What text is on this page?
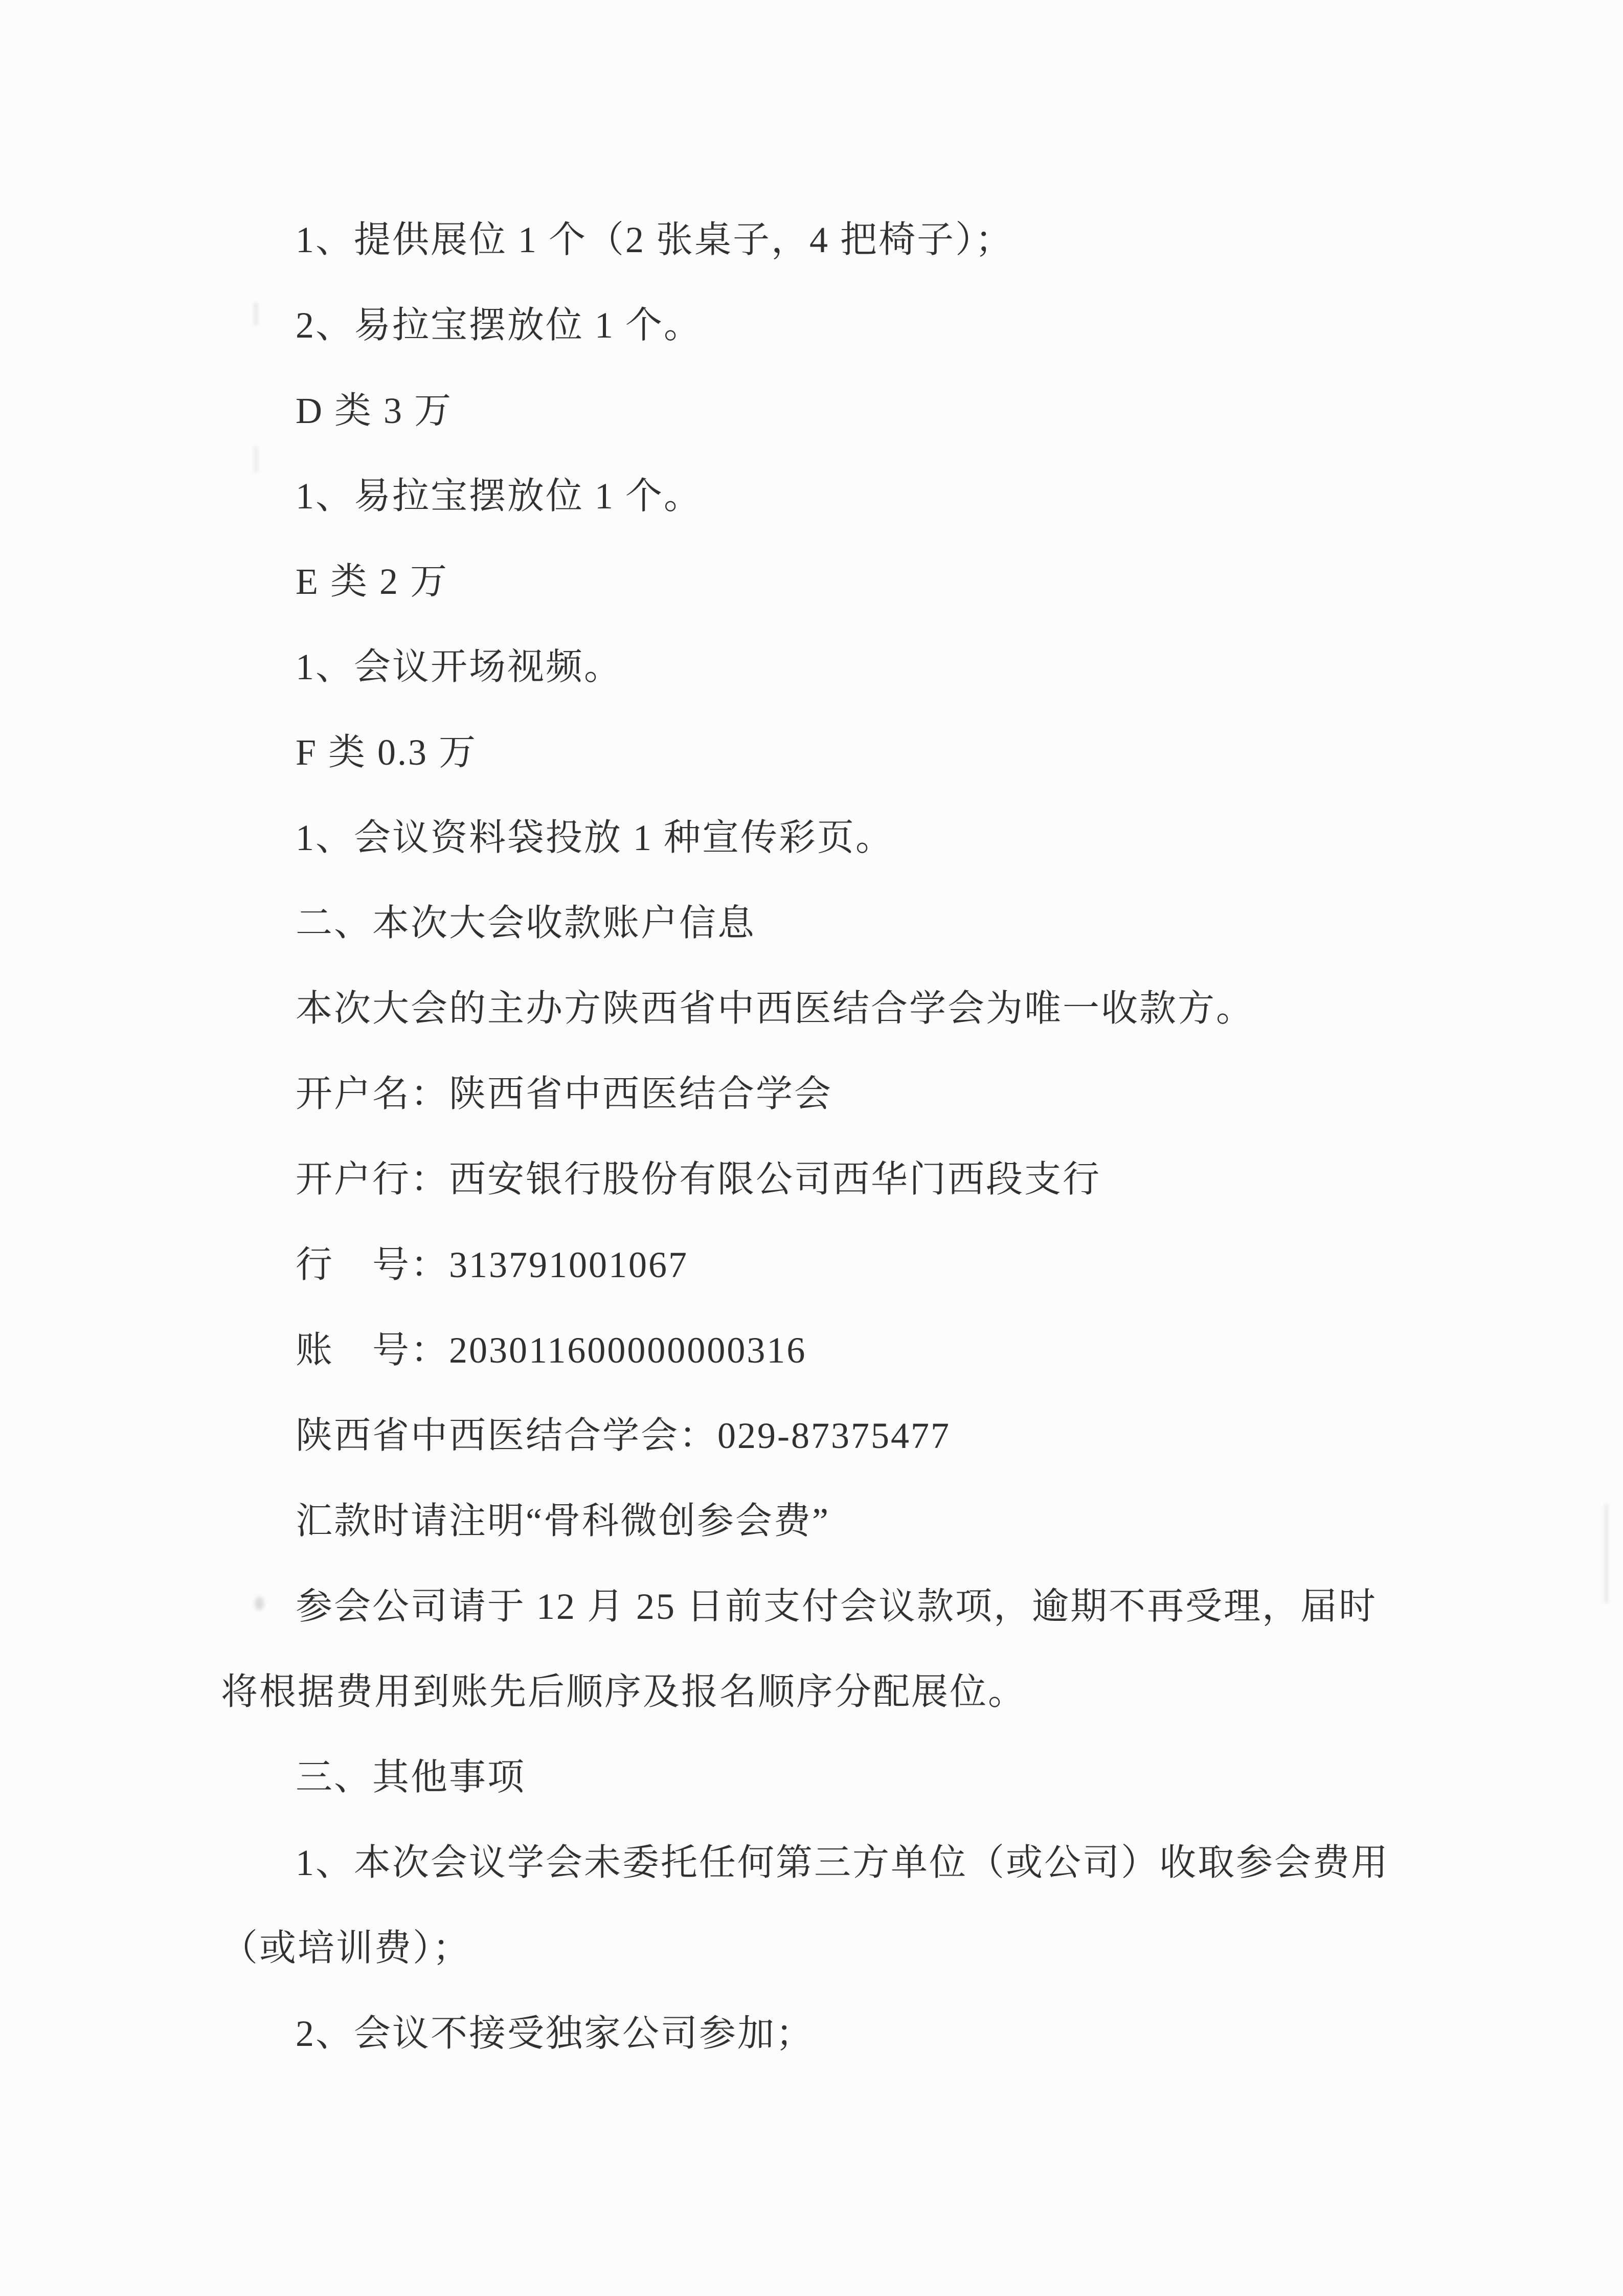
1、提供展位 1 个（2 张桌子，4 把椅子）；
2、易拉宝摆放位 1 个。
D 类 3 万
1、易拉宝摆放位 1 个。
E 类 2 万
1、会议开场视频。
F 类 0.3 万
1、会议资料袋投放 1 种宣传彩页。
二、本次大会收款账户信息
本次大会的主办方陕西省中西医结合学会为唯一收款方。
开户名：陕西省中西医结合学会
开户行：西安银行股份有限公司西华门西段支行
行　号：313791001067
账　号：203011600000000316
陕西省中西医结合学会：029-87375477
汇款时请注明“骨科微创参会费”
参会公司请于 12 月 25 日前支付会议款项，逾期不再受理，届时
将根据费用到账先后顺序及报名顺序分配展位。
三、其他事项
1、本次会议学会未委托任何第三方单位（或公司）收取参会费用
（或培训费）；
2、会议不接受独家公司参加；
